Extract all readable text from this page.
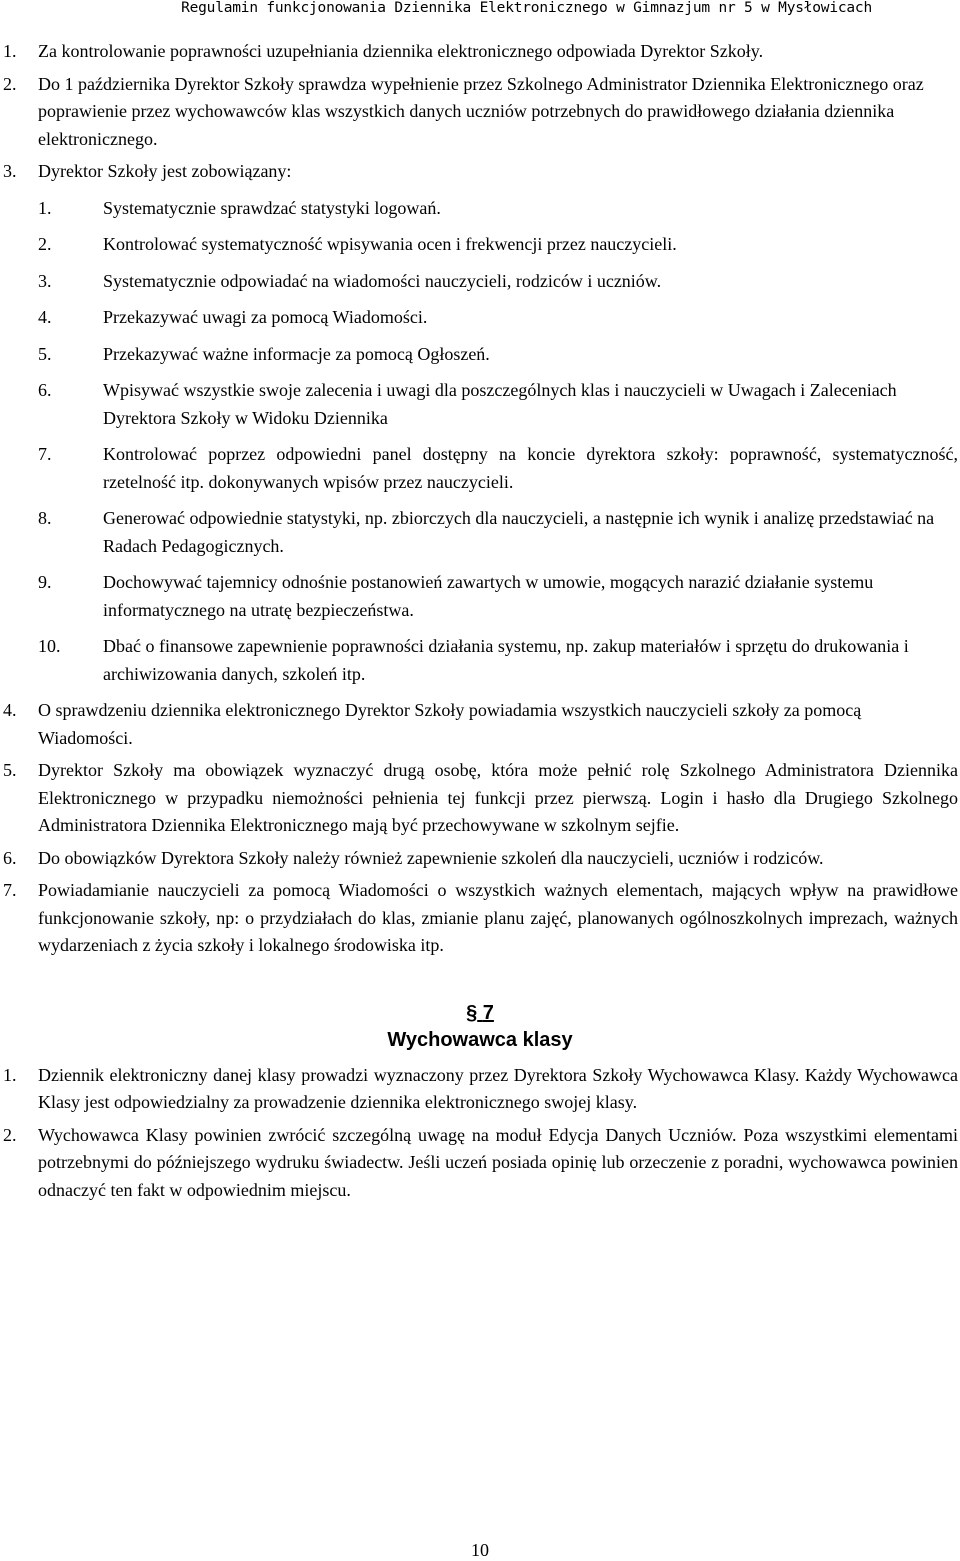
Regulamin funkcjonowania Dziennika Elektronicznego w Gimnazjum nr 5 w Mysłowicach
1. Za kontrolowanie poprawności uzupełniania dziennika elektronicznego odpowiada Dyrektor Szkoły.
2. Do 1 października Dyrektor Szkoły sprawdza wypełnienie przez Szkolnego Administrator Dziennika Elektronicznego oraz poprawienie przez wychowawców klas wszystkich danych uczniów potrzebnych do prawidłowego działania dziennika elektronicznego.
3. Dyrektor Szkoły jest zobowiązany:
1.	Systematycznie sprawdzać statystyki logowań.
2.	Kontrolować systematyczność wpisywania ocen i frekwencji przez nauczycieli.
3.	Systematycznie odpowiadać na wiadomości nauczycieli, rodziców i uczniów.
4.	Przekazywać uwagi za pomocą Wiadomości.
5.	Przekazywać ważne informacje za pomocą Ogłoszeń.
6.	Wpisywać wszystkie swoje zalecenia i uwagi dla poszczególnych klas i nauczycieli w Uwagach i Zaleceniach Dyrektora Szkoły w Widoku Dziennika
7.	Kontrolować poprzez odpowiedni panel dostępny na koncie dyrektora szkoły: poprawność, systematyczność, rzetelność itp. dokonywanych wpisów przez nauczycieli.
8.	Generować odpowiednie statystyki, np. zbiorczych dla nauczycieli, a następnie ich wynik i analizę przedstawiać na Radach Pedagogicznych.
9.	Dochowywać tajemnicy odnośnie postanowień zawartych w umowie, mogących narazić działanie systemu informatycznego na utratę bezpieczeństwa.
10. Dbać o finansowe zapewnienie poprawności działania systemu, np. zakup materiałów i sprzętu do drukowania i archiwizowania danych, szkoleń itp.
4. O sprawdzeniu dziennika elektronicznego Dyrektor Szkoły powiadamia wszystkich nauczycieli szkoły za pomocą Wiadomości.
5. Dyrektor Szkoły ma obowiązek wyznaczyć drugą osobę, która może pełnić rolę Szkolnego Administratora Dziennika Elektronicznego w przypadku niemożności pełnienia tej funkcji przez pierwszą. Login i hasło dla Drugiego Szkolnego Administratora Dziennika Elektronicznego mają być przechowywane w szkolnym sejfie.
6. Do obowiązków Dyrektora Szkoły należy również zapewnienie szkoleń dla nauczycieli, uczniów i rodziców.
7. Powiadamianie nauczycieli za pomocą Wiadomości o wszystkich ważnych elementach, mających wpływ na prawidłowe funkcjonowanie szkoły, np: o przydziałach do klas, zmianie planu zajęć, planowanych ogólnoszkolnych imprezach, ważnych wydarzeniach z życia szkoły i lokalnego środowiska itp.
§ 7
Wychowawca klasy
1. Dziennik elektroniczny danej klasy prowadzi wyznaczony przez Dyrektora Szkoły Wychowawca Klasy. Każdy Wychowawca Klasy jest odpowiedzialny za prowadzenie dziennika elektronicznego swojej klasy.
2. Wychowawca Klasy powinien zwrócić szczególną uwagę na moduł Edycja Danych Uczniów. Poza wszystkimi elementami potrzebnymi do późniejszego wydruku świadectw. Jeśli uczeń posiada opinię lub orzeczenie z poradni, wychowawca powinien odnaczyć ten fakt w odpowiednim miejscu.
10
